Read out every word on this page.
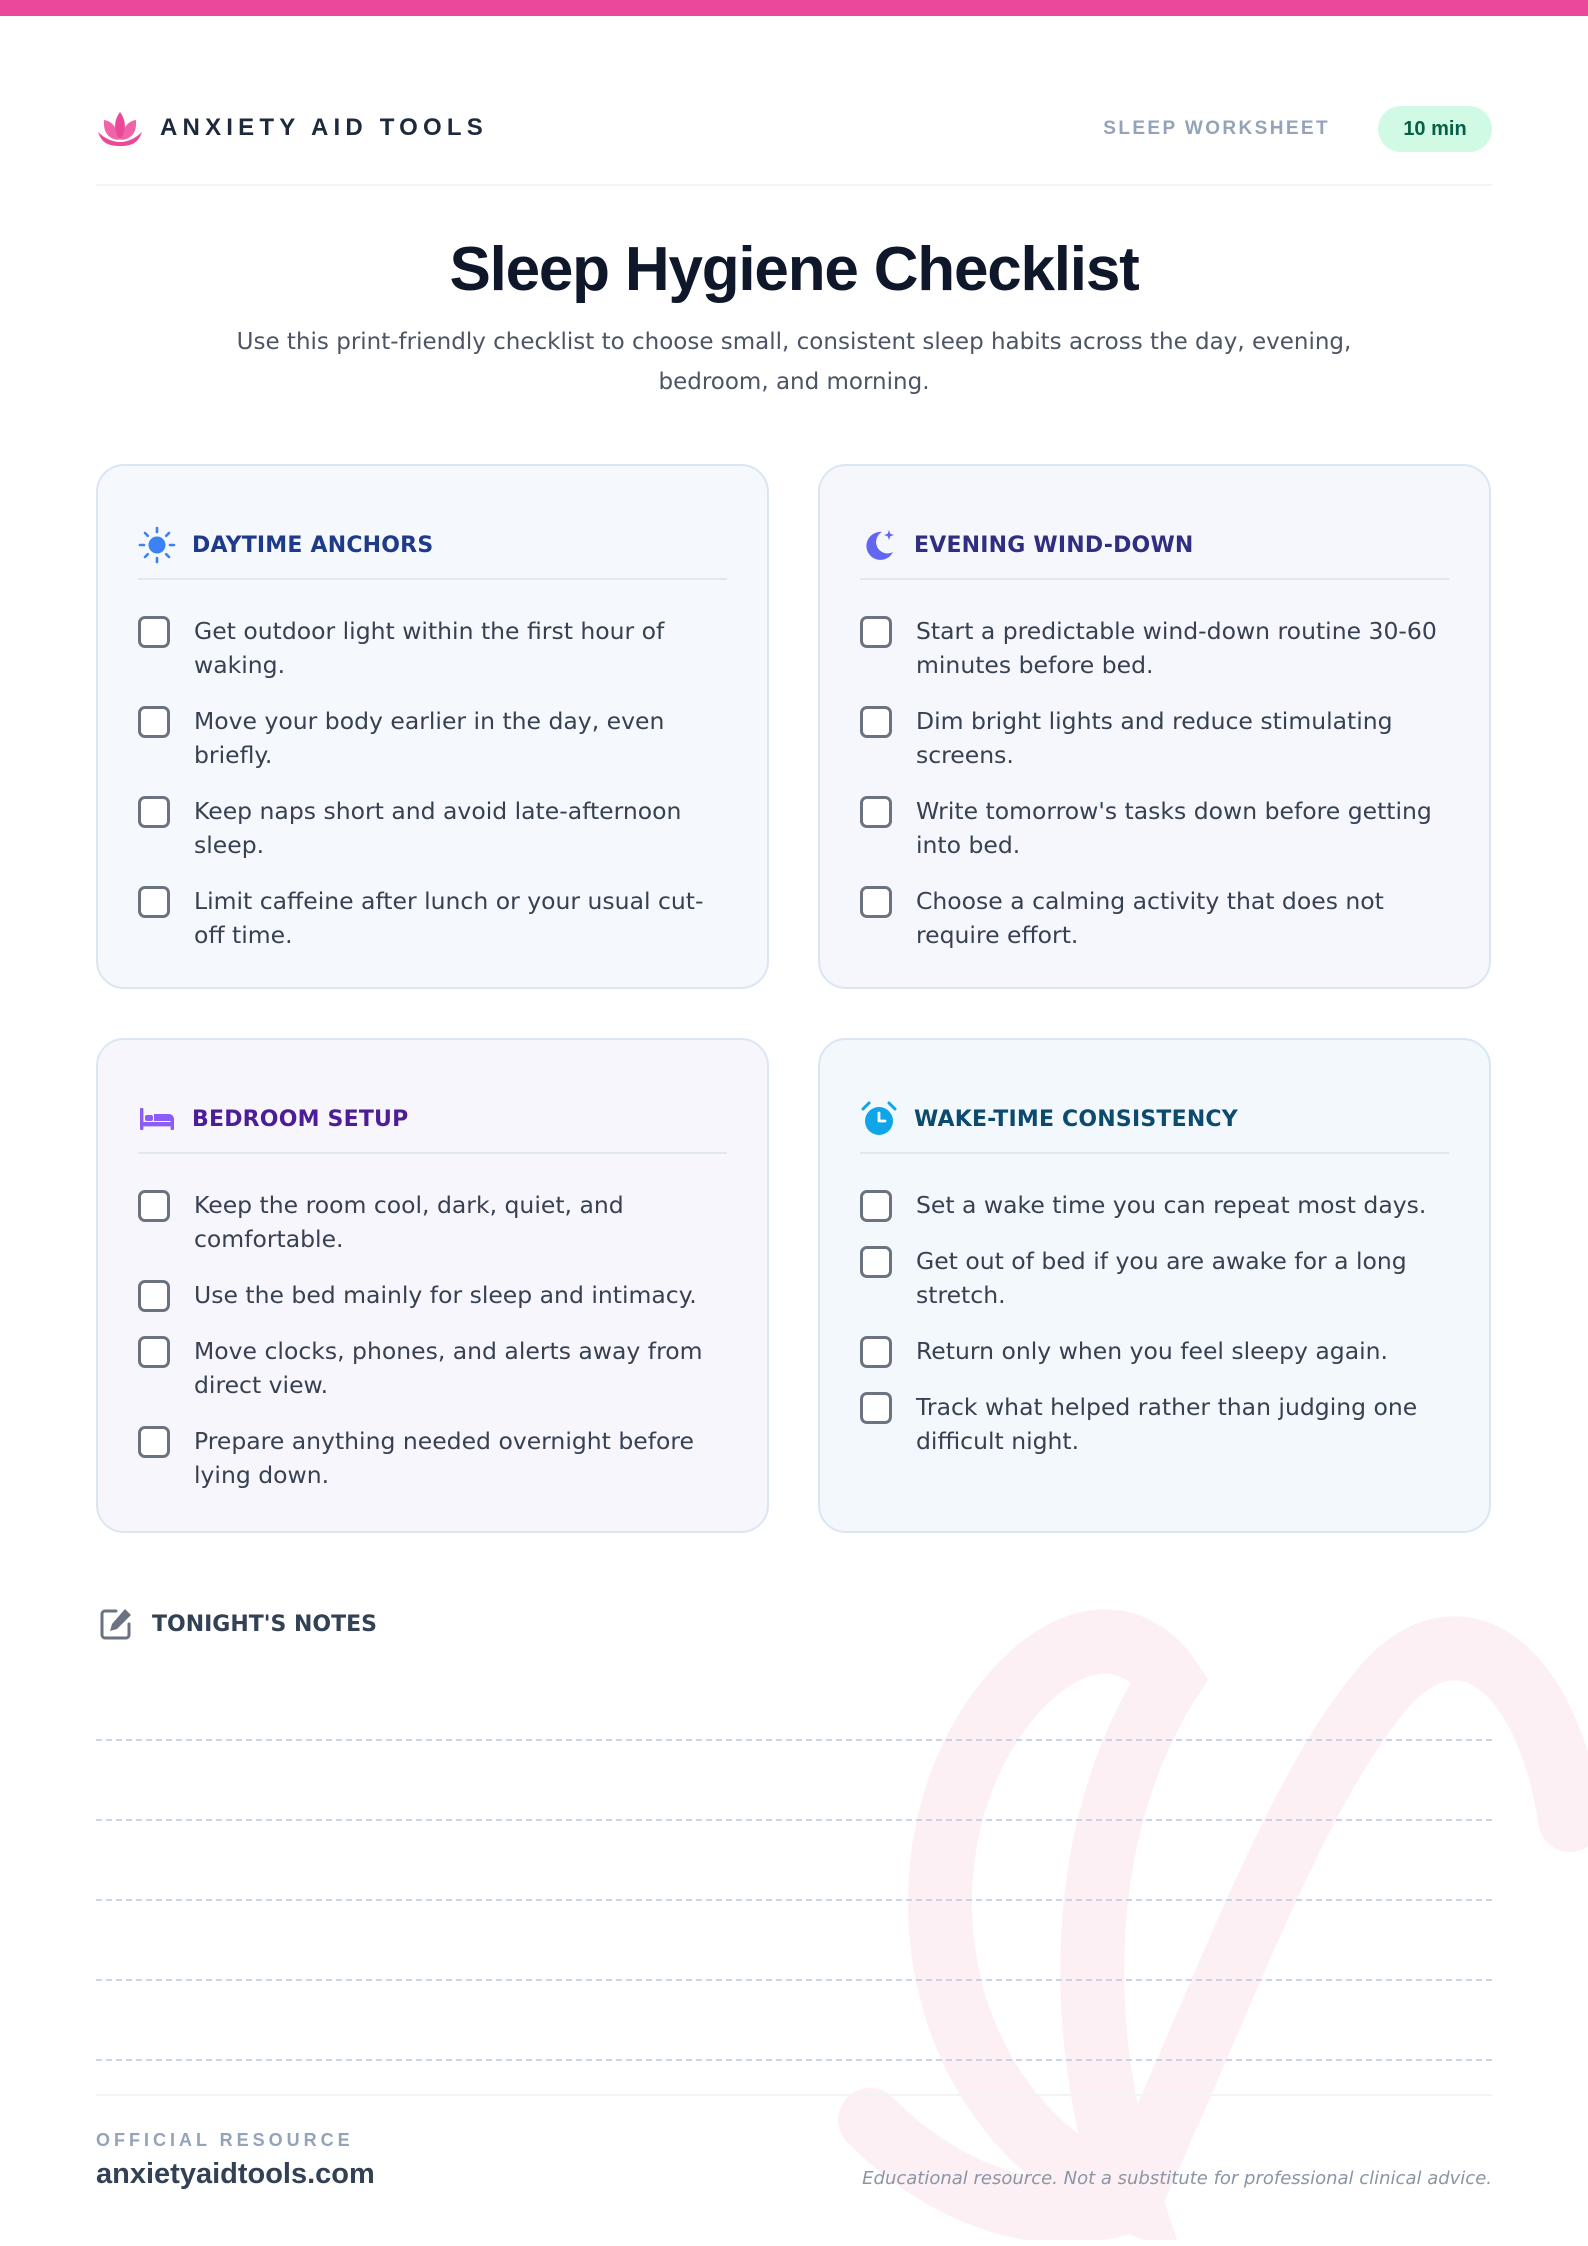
ANXIETY AID TOOLS	SLEEP WORKSHEET	10 min
Sleep Hygiene Checklist

Use this print-friendly checklist to choose small, consistent sleep habits across the day, evening, bedroom, and morning.

DAYTIME ANCHORS
Get outdoor light within the first hour of waking.
Move your body earlier in the day, even briefly.
Keep naps short and avoid late-afternoon sleep.
Limit caffeine after lunch or your usual cut-off time.
EVENING WIND-DOWN
Start a predictable wind-down routine 30-60 minutes before bed.
Dim bright lights and reduce stimulating screens.
Write tomorrow's tasks down before getting into bed.
Choose a calming activity that does not require effort.
BEDROOM SETUP
Keep the room cool, dark, quiet, and comfortable.
Use the bed mainly for sleep and intimacy.
Move clocks, phones, and alerts away from direct view.
Prepare anything needed overnight before lying down.
WAKE-TIME CONSISTENCY
Set a wake time you can repeat most days.
Get out of bed if you are awake for a long stretch.
Return only when you feel sleepy again.
Track what helped rather than judging one difficult night.
TONIGHT'S NOTES
OFFICIAL RESOURCE
anxietyaidtools.com	Educational resource. Not a substitute for professional clinical advice.
